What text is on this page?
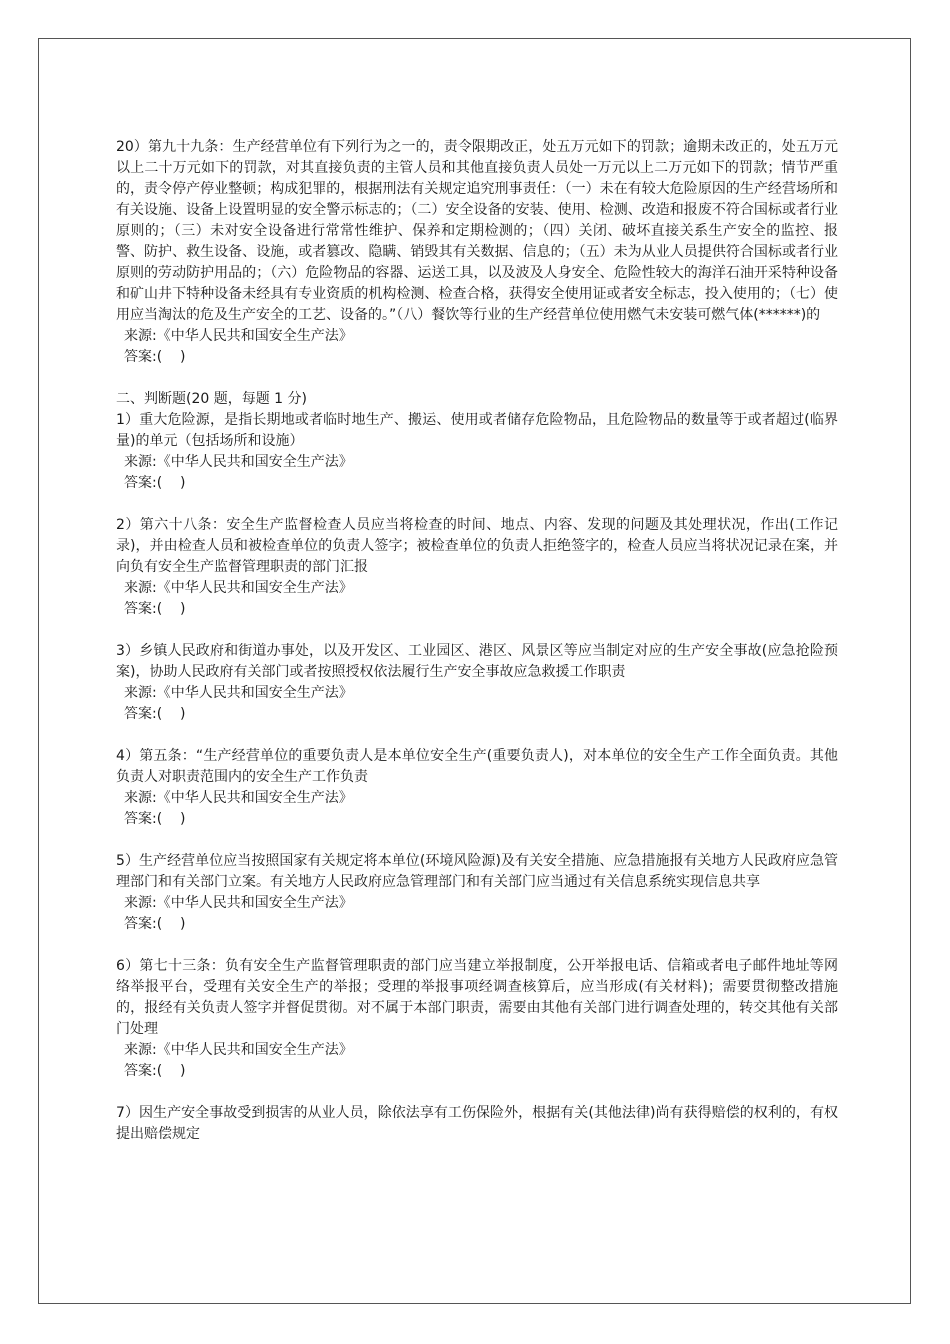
20）第九十九条：生产经营单位有下列行为之一的，责令限期改正，处五万元如下的罚款；逾期未改正的，处五万元以上二十万元如下的罚款，对其直接负责的主管人员和其他直接负责人员处一万元以上二万元如下的罚款；情节严重的，责令停产停业整顿；构成犯罪的，根据刑法有关规定追究刑事责任：（一）未在有较大危险原因的生产经营场所和有关设施、设备上设置明显的安全警示标志的；（二）安全设备的安装、使用、检测、改造和报废不符合国标或者行业原则的；（三）未对安全设备进行常常性维护、保养和定期检测的；（四）关闭、破坏直接关系生产安全的监控、报警、防护、救生设备、设施，或者篡改、隐瞒、销毁其有关数据、信息的；（五）未为从业人员提供符合国标或者行业原则的劳动防护用品的；（六）危险物品的容器、运送工具，以及波及人身安全、危险性较大的海洋石油开采特种设备和矿山井下特种设备未经具有专业资质的机构检测、检查合格，获得安全使用证或者安全标志，投入使用的；（七）使用应当淘汰的危及生产安全的工艺、设备的。”（八）餐饮等行业的生产经营单位使用燃气未安装可燃气体(******)的

来源:《中华人民共和国安全生产法》

答案:(    )

二、判断题(20 题，每题 1 分)

1）重大危险源，是指长期地或者临时地生产、搬运、使用或者储存危险物品，且危险物品的数量等于或者超过(临界量)的单元（包括场所和设施）

来源:《中华人民共和国安全生产法》

答案:(    )

2）第六十八条：安全生产监督检查人员应当将检查的时间、地点、内容、发现的问题及其处理状况，作出(工作记录)，并由检查人员和被检查单位的负责人签字；被检查单位的负责人拒绝签字的，检查人员应当将状况记录在案，并向负有安全生产监督管理职责的部门汇报

来源:《中华人民共和国安全生产法》

答案:(    )

3）乡镇人民政府和街道办事处，以及开发区、工业园区、港区、风景区等应当制定对应的生产安全事故(应急抢险预案)，协助人民政府有关部门或者按照授权依法履行生产安全事故应急救援工作职责

来源:《中华人民共和国安全生产法》

答案:(    )

4）第五条：“生产经营单位的重要负责人是本单位安全生产(重要负责人)，对本单位的安全生产工作全面负责。其他负责人对职责范围内的安全生产工作负责

来源:《中华人民共和国安全生产法》

答案:(    )

5）生产经营单位应当按照国家有关规定将本单位(环境风险源)及有关安全措施、应急措施报有关地方人民政府应急管理部门和有关部门立案。有关地方人民政府应急管理部门和有关部门应当通过有关信息系统实现信息共享

来源:《中华人民共和国安全生产法》

答案:(    )

6）第七十三条：负有安全生产监督管理职责的部门应当建立举报制度，公开举报电话、信箱或者电子邮件地址等网络举报平台，受理有关安全生产的举报；受理的举报事项经调查核算后，应当形成(有关材料)；需要贯彻整改措施的，报经有关负责人签字并督促贯彻。对不属于本部门职责，需要由其他有关部门进行调查处理的，转交其他有关部门处理

来源:《中华人民共和国安全生产法》

答案:(    )

7）因生产安全事故受到损害的从业人员，除依法享有工伤保险外，根据有关(其他法律)尚有获得赔偿的权利的，有权提出赔偿规定
